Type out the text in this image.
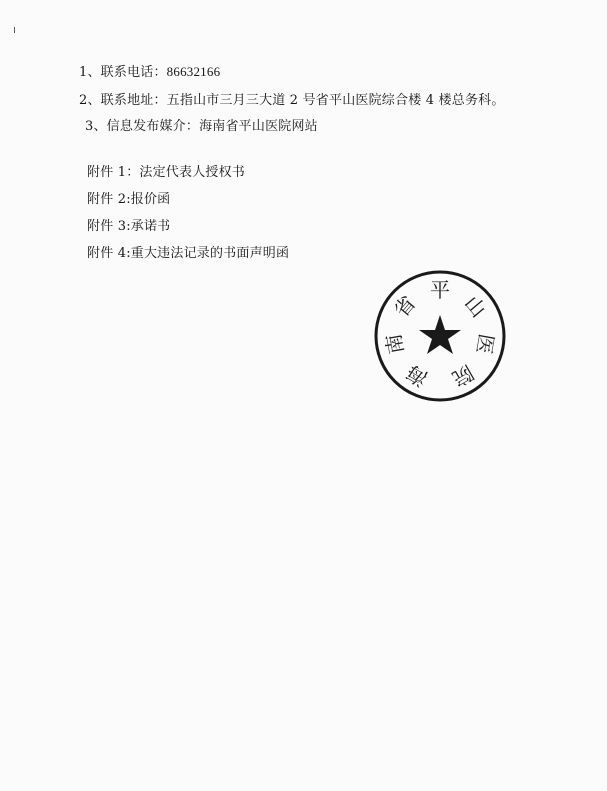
1、联系电话：86632166
2、联系地址：五指山市三月三大道 2 号省平山医院综合楼 4 楼总务科。
3、信息发布媒介：海南省平山医院网站
附件 1：法定代表人授权书
附件 2:报价函
附件 3:承诺书
附件 4:重大违法记录的书面声明函
海
南
省
平
山
医
院
